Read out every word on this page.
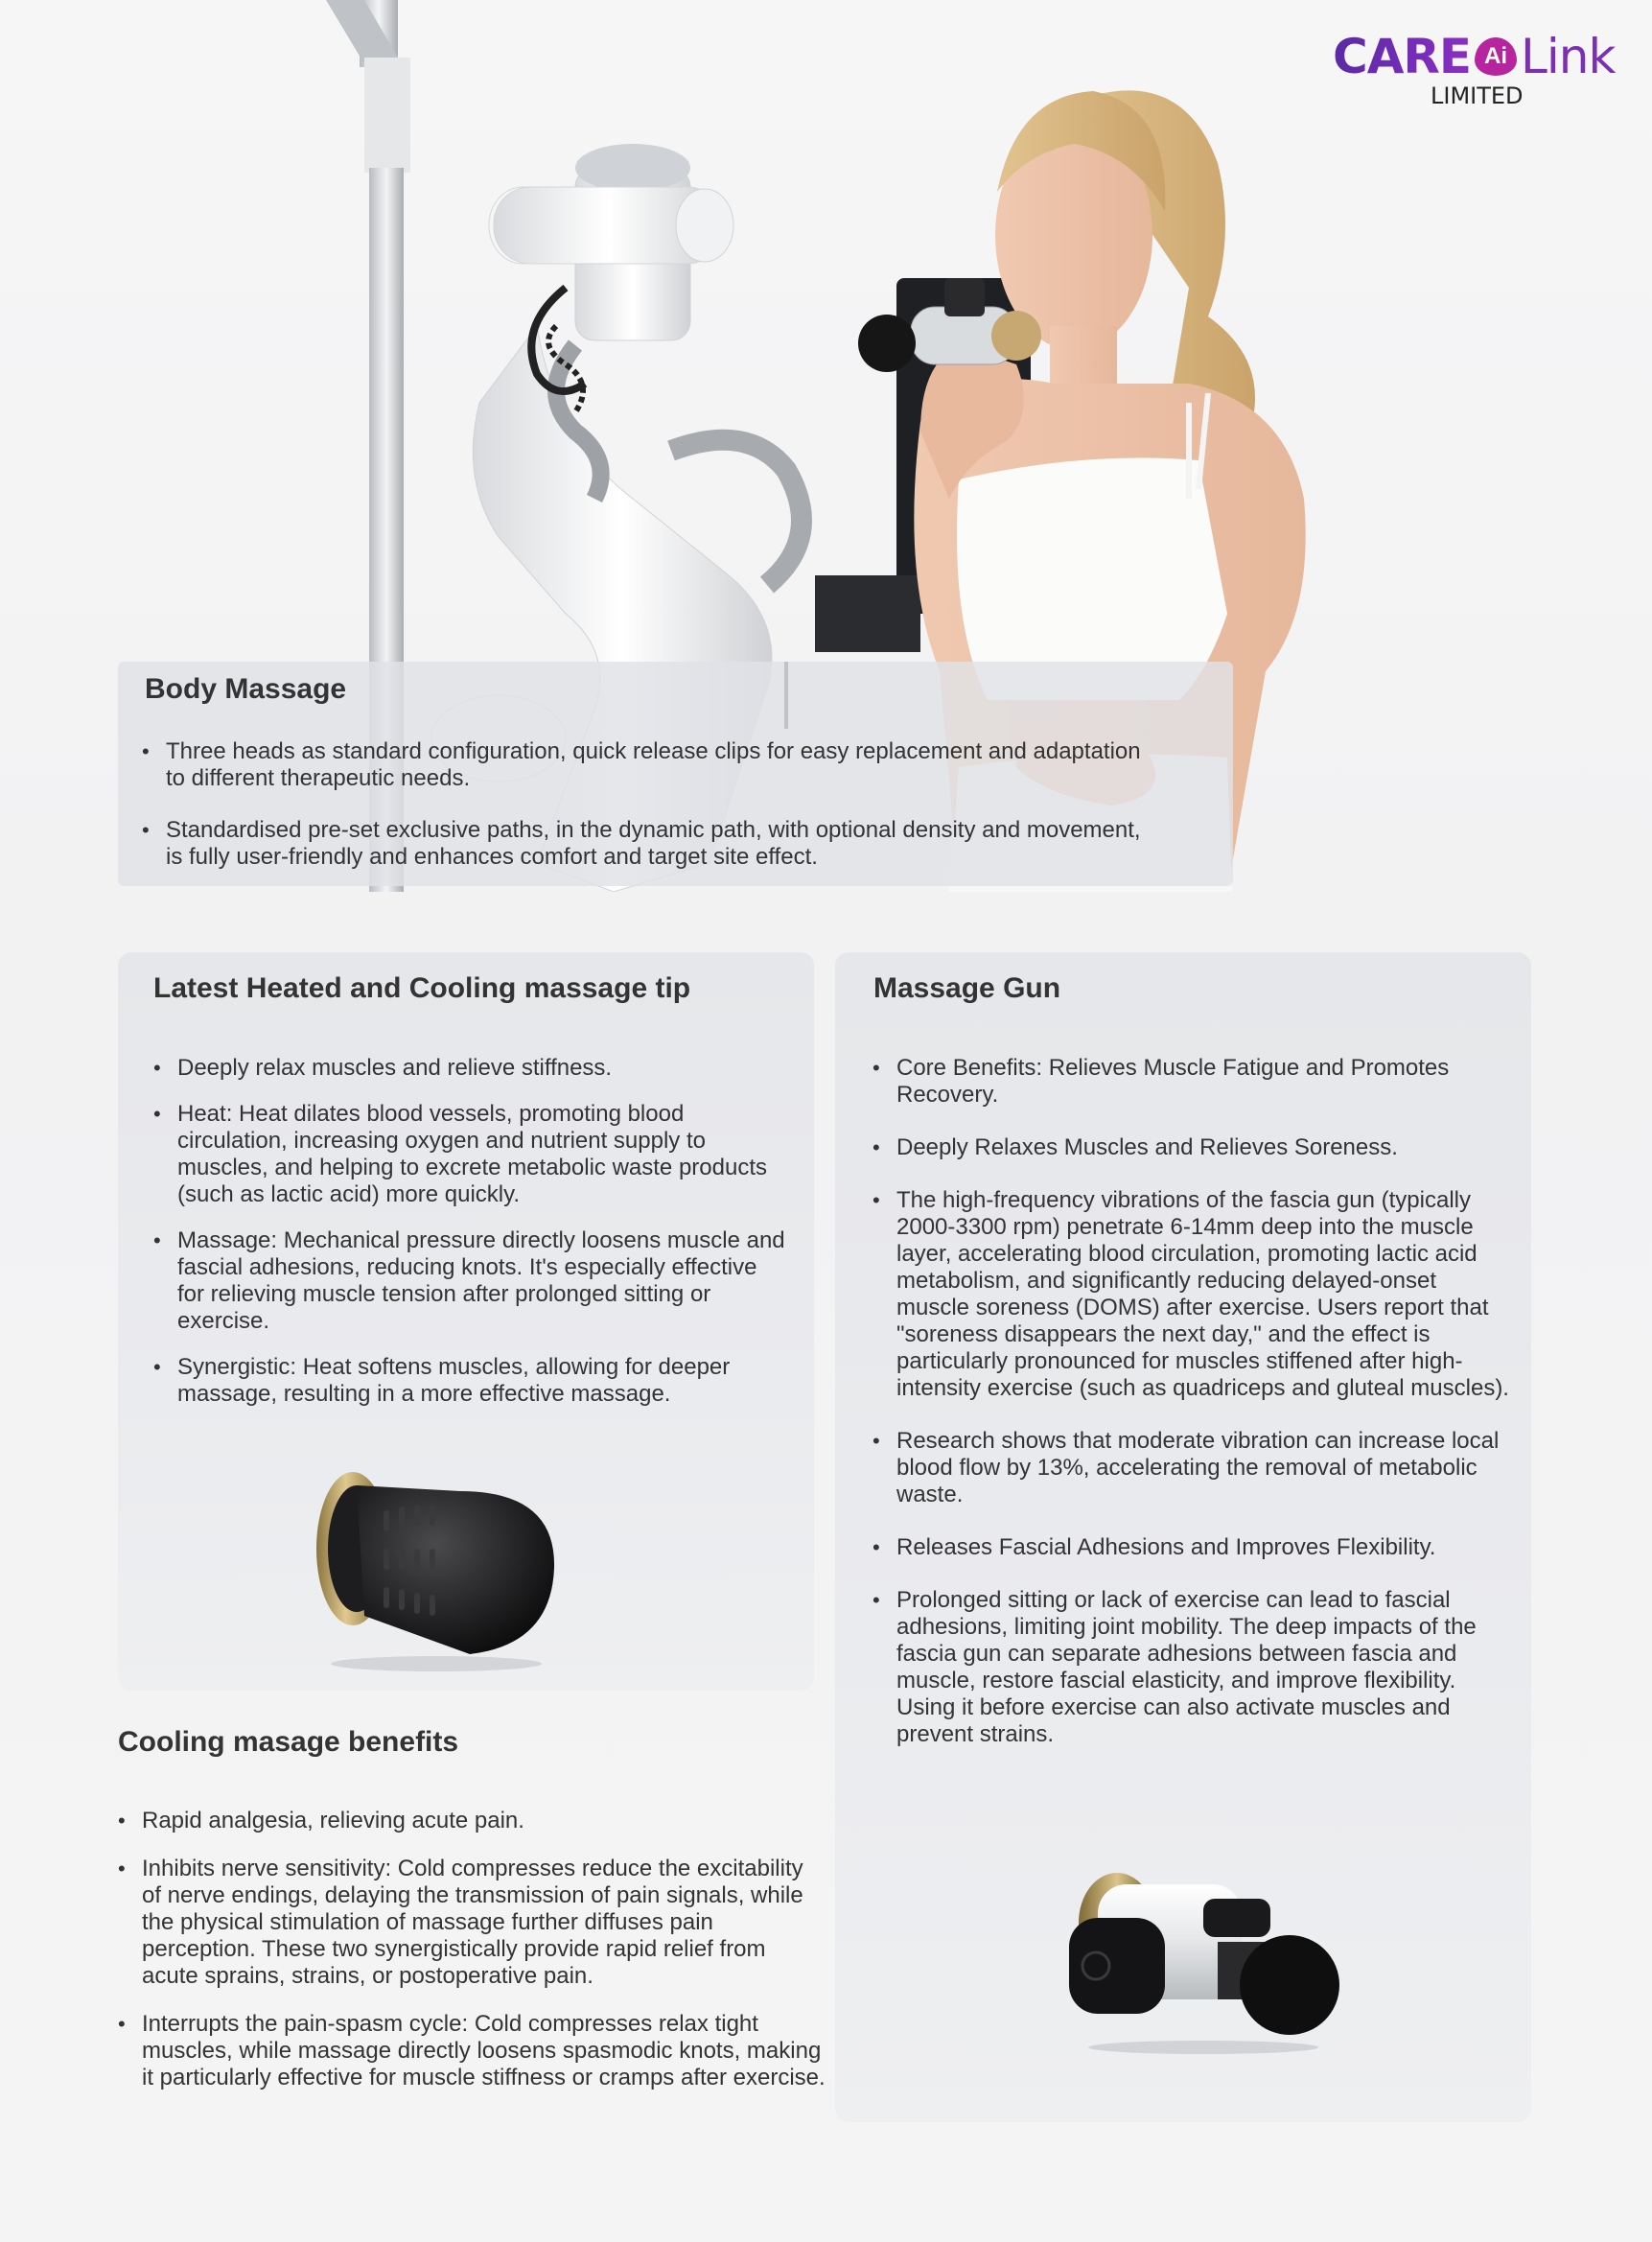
CARE Ai Link
LIMITED
Body Massage
• Three heads as standard configuration, quick release clips for easy replacement and adaptation to different therapeutic needs.
• Standardised pre-set exclusive paths, in the dynamic path, with optional density and movement, is fully user-friendly and enhances comfort and target site effect.
Latest Heated and Cooling massage tip
• Deeply relax muscles and relieve stiffness.
• Heat: Heat dilates blood vessels, promoting blood circulation, increasing oxygen and nutrient supply to muscles, and helping to excrete metabolic waste products (such as lactic acid) more quickly.
• Massage: Mechanical pressure directly loosens muscle and fascial adhesions, reducing knots. It's especially effective for relieving muscle tension after prolonged sitting or exercise.
• Synergistic: Heat softens muscles, allowing for deeper massage, resulting in a more effective massage.
Cooling masage benefits
• Rapid analgesia, relieving acute pain.
• Inhibits nerve sensitivity: Cold compresses reduce the excitability of nerve endings, delaying the transmission of pain signals, while the physical stimulation of massage further diffuses pain perception. These two synergistically provide rapid relief from acute sprains, strains, or postoperative pain.
• Interrupts the pain-spasm cycle: Cold compresses relax tight muscles, while massage directly loosens spasmodic knots, making it particularly effective for muscle stiffness or cramps after exercise.
Massage Gun
• Core Benefits: Relieves Muscle Fatigue and Promotes Recovery.
• Deeply Relaxes Muscles and Relieves Soreness.
• The high-frequency vibrations of the fascia gun (typically 2000-3300 rpm) penetrate 6-14mm deep into the muscle layer, accelerating blood circulation, promoting lactic acid metabolism, and significantly reducing delayed-onset muscle soreness (DOMS) after exercise. Users report that "soreness disappears the next day," and the effect is particularly pronounced for muscles stiffened after high-intensity exercise (such as quadriceps and gluteal muscles).
• Research shows that moderate vibration can increase local blood flow by 13%, accelerating the removal of metabolic waste.
• Releases Fascial Adhesions and Improves Flexibility.
• Prolonged sitting or lack of exercise can lead to fascial adhesions, limiting joint mobility. The deep impacts of the fascia gun can separate adhesions between fascia and muscle, restore fascial elasticity, and improve flexibility. Using it before exercise can also activate muscles and prevent strains.
